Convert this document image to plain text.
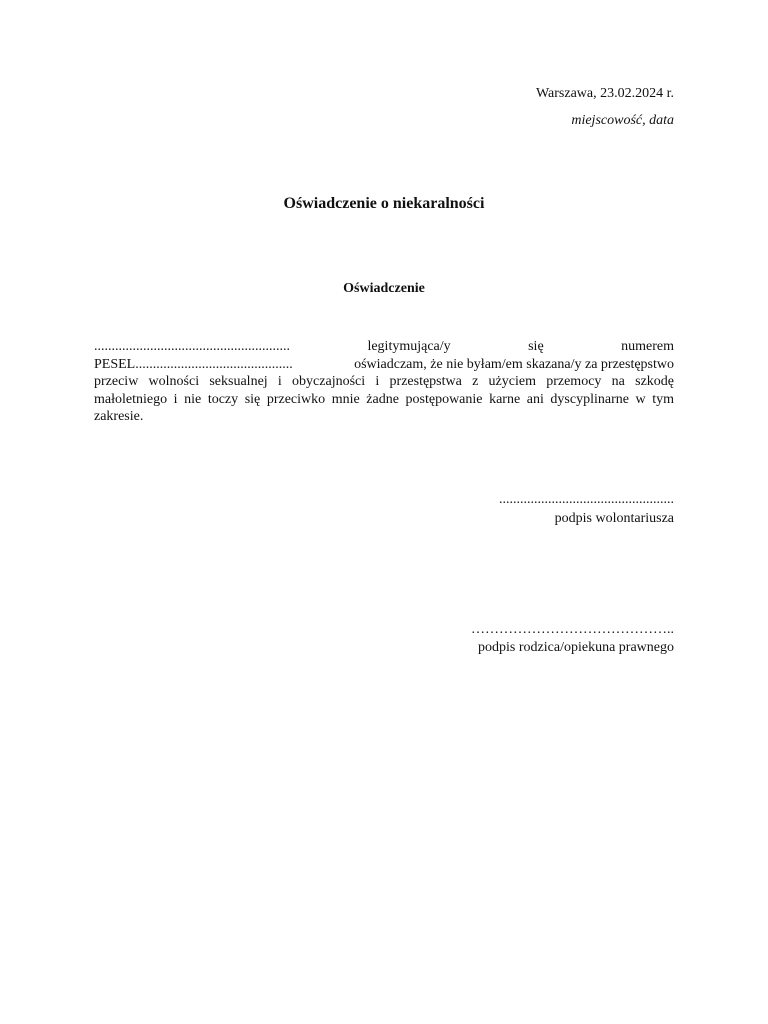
Warszawa, 23.02.2024 r.
miejscowość, data
Oświadczenie o niekaralności
Oświadczenie
........................................................	legitymująca/y	się	numerem
PESEL.............................................	oświadczam, że nie byłam/em skazana/y za przestępstwo
przeciw wolności seksualnej i obyczajności i przestępstwa z użyciem przemocy na szkodę małoletniego i nie toczy się przeciwko mnie żadne postępowanie karne ani dyscyplinarne w tym zakresie.
..................................................
podpis wolontariusza
……………………………………..
podpis rodzica/opiekuna prawnego
